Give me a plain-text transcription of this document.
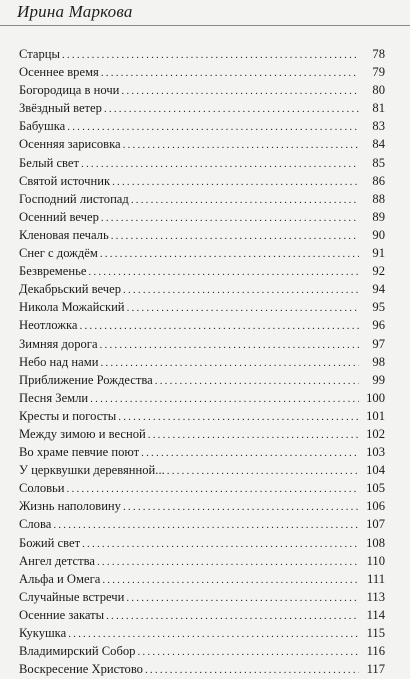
Ирина Маркова
Старцы .....	78
Осеннее время .....	79
Богородица в ночи .....	80
Звёздный ветер .....	81
Бабушка .....	83
Осенняя зарисовка .....	84
Белый свет .....	85
Святой источник .....	86
Господний листопад .....	88
Осенний вечер .....	89
Кленовая печаль .....	90
Снег с дождём .....	91
Безвременье .....	92
Декабрьский вечер .....	94
Никола Можайский .....	95
Неотложка .....	96
Зимняя дорога .....	97
Небо над нами .....	98
Приближение Рождества .....	99
Песня Земли .....	100
Кресты и погосты .....	101
Между зимою и весной .....	102
Во храме певчие поют .....	103
У церквушки деревянной... .....	104
Соловьи .....	105
Жизнь наполовину .....	106
Слова .....	107
Божий свет .....	108
Ангел детства .....	110
Альфа и Омега .....	111
Случайные встречи .....	113
Осенние закаты .....	114
Кукушка .....	115
Владимирский Собор .....	116
Воскресение Христово .....	117
